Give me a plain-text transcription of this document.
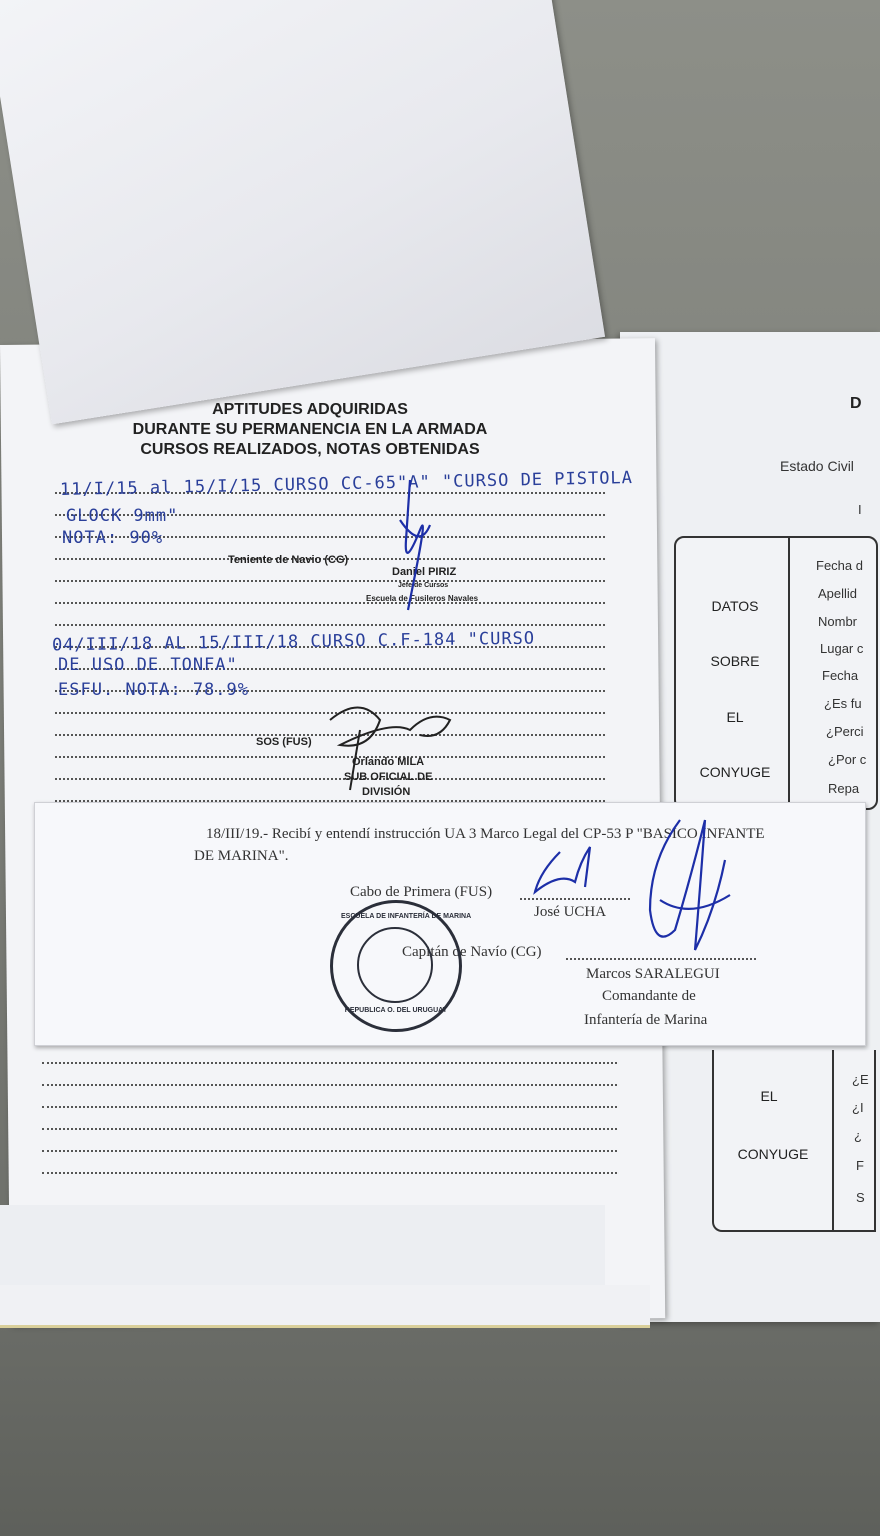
D
Estado Civil
I
DATOS
SOBRE
EL
CONYUGE
Fecha d
Apellid
Nombr
Lugar c
Fecha
¿Es fu
¿Perci
¿Por c
Repa
EL
CONYUGE
¿E
¿I
¿
F
S
APTITUDES ADQUIRIDAS
DURANTE SU PERMANENCIA EN LA ARMADA
CURSOS REALIZADOS, NOTAS OBTENIDAS
11/I/15 al 15/I/15 CURSO CC-65"A" "CURSO DE PISTOLA
GLOCK 9mm"
NOTA: 90%
Teniente de Navio (CG)
Daniel PIRIZ
Jefe de Cursos
Escuela de Fusileros Navales
04/III/18 AL 15/III/18 CURSO C.F-184 "CURSO
DE USO DE TONFA"
ESFU. NOTA: 78.9%
SOS (FUS)
Orlando MILA
SUB OFICIAL DE
DIVISIÓN
18/III/19.- Recibí y entendí instrucción UA 3 Marco Legal del CP-53 P "BASICO INFANTE
DE MARINA".
Cabo de Primera (FUS)
José UCHA
Capitán de Navío (CG)
Marcos SARALEGUI
Comandante de
Infantería de Marina
ESCUELA DE INFANTERÍA DE MARINA
REPUBLICA O. DEL URUGUAY
